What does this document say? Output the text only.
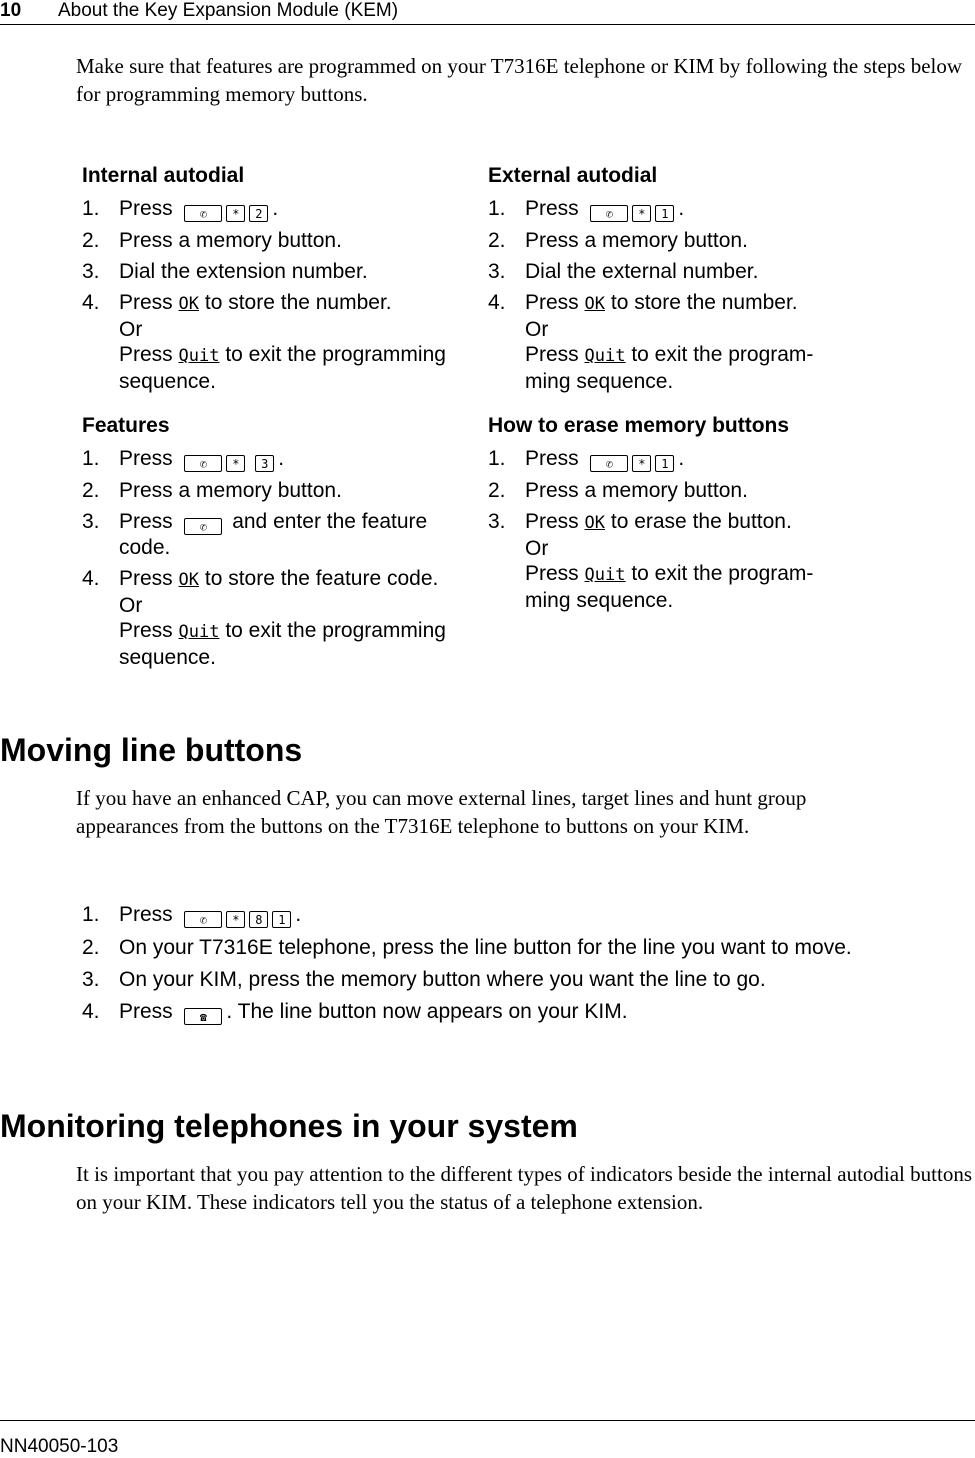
10 About the Key Expansion Module (KEM)

Make sure that features are programmed on your T7316E telephone or KIM by following the steps below for programming memory buttons.

Internal autodial
1. Press ✆ * 2 .
2. Press a memory button.
3. Dial the extension number.
4. Press OK to store the number.
Or
Press Quit to exit the programming sequence.
External autodial
1. Press ✆ * 1 .
2. Press a memory button.
3. Dial the external number.
4. Press OK to store the number.
Or
Press Quit to exit the program-ming sequence.
Features
1. Press ✆ * 3 .
2. Press a memory button.
3. Press ✆ and enter the feature code.
4. Press OK to store the feature code.
Or
Press Quit to exit the programming sequence.
How to erase memory buttons
1. Press ✆ * 1 .
2. Press a memory button.
3. Press OK to erase the button.
Or
Press Quit to exit the program-ming sequence.
Moving line buttons

If you have an enhanced CAP, you can move external lines, target lines and hunt group appearances from the buttons on the T7316E telephone to buttons on your KIM.

1. Press ✆ * 8 1 .
2. On your T7316E telephone, press the line button for the line you want to move.
3. On your KIM, press the memory button where you want the line to go.
4. Press ☎ . The line button now appears on your KIM.
Monitoring telephones in your system

It is important that you pay attention to the different types of indicators beside the internal autodial buttons on your KIM. These indicators tell you the status of a telephone extension.

NN40050-103
